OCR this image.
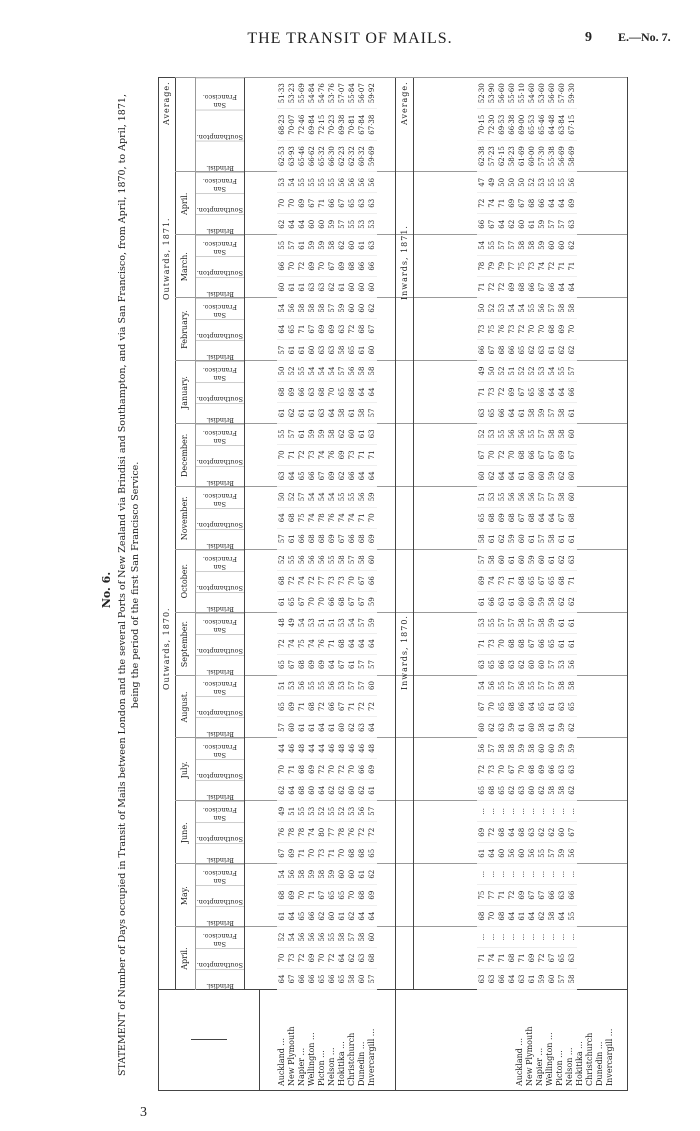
THE TRANSIT OF MAILS.	9 E.—No. 7.
3
No. 6. STATEMENT of Number of Days occupied in Transit of Mails between London and the several Ports of New Zealand via Brindisi and Southampton, and via San Francisco, from April, 1870, to April, 1871, being the period of the first San Francisco Service.
Auckland ... New Plymouth Napier ... Wellington ... Picton ... Nelson ... Hokitika ... Christchurch Dunedin ... Invercargill ...	Auckland ... New Plymouth Napier ... Wellington ... Picton ... Nelson ... Hokitika ... Christchurch Dunedin ... Invercargill ...
Outwards, 1870.
Outwards, 1871.
Average.
April.
Brindisi.
Southampton.
San Francisco.
64 67 66 66 65 66 65 58 60 57
70 73 72 69 70 72 64 62 63 68
52 54 56 56 56 55 58 57 58 60
63 63 66 64 63 61 59 60 57 58
71 74 71 68 71 69 72 67 65 63
... ... ... ... ... ... ... ... ... ...
May.
Brindisi.
Southampton.
San Francisco.
61 64 65 66 62 60 61 62 64 64
68 69 70 71 67 65 65 70 68 69
54 56 58 59 58 59 60 60 61 62
68 70 68 64 61 64 62 58 64 55
75 77 71 72 69 67 67 66 63 66
... ... ... ... ... ... ... ... ... ...
June.
Brindisi.
Southampton.
San Francisco.
67 69 71 70 73 71 70 68 68 65
76 78 78 74 80 77 78 76 72 72
49 51 55 53 52 55 52 53 56 57
61 64 60 56 60 56 55 57 59 56
69 72 68 64 68 63 62 62 60 67
... ... ... ... ... ... ... ... ... ...
July.
Brindisi.
Southampton.
San Francisco.
62 64 68 60 64 62 62 60 62 61
70 71 68 69 72 70 72 70 66 69
44 46 48 44 44 46 48 46 46 48
65 68 65 62 63 60 62 58 58 62
72 73 70 67 70 68 69 66 63 63
56 57 58 58 59 58 60 60 59 59
August.
Brindisi.
Southampton.
San Francisco.
57 60 61 61 64 61 60 62 63 64
65 69 71 68 72 66 67 71 72 72
51 53 56 55 55 56 53 57 57 60
60 62 63 59 61 60 58 61 59 62
67 70 65 68 66 64 65 61 63 65
54 56 55 57 56 55 57 57 58 58
September.
Brindisi.
Southampton.
San Francisco.
65 67 68 69 69 64 67 61 57 57
72 74 75 74 76 71 68 64 64 64
48 49 54 53 51 51 53 54 57 59
63 65 66 63 62 60 60 57 53 56
71 73 70 68 68 67 66 65 61 61
53 55 57 57 58 57 58 59 61 61
October.
Brindisi.
Southampton.
San Francisco.
61 65 67 70 70 66 68 67 67 59
68 72 74 72 77 73 73 70 67 66
52 55 56 56 56 55 58 57 58 60
61 66 63 61 60 60 59 58 62 62
69 74 73 71 68 65 67 65 68 71
57 58 60 61 60 59 60 61 62 63
November.
Brindisi.
Southampton.
San Francisco.
57 61 66 68 68 69 67 66 68 69
64 68 75 74 78 76 74 74 71 70
50 52 57 54 54 54 55 55 56 59
58 61 62 59 60 61 57 58 61 61
65 68 69 68 67 68 64 64 67 68
51 53 55 56 56 56 57 57 58 60
December.
Brindisi.
Southampton.
San Francisco.
63 64 65 66 67 69 62 66 64 64
70 71 72 73 74 76 69 73 71 71
55 57 61 59 59 58 62 60 61 63
60 62 64 64 61 60 60 59 62 60
67 70 72 70 68 66 67 67 69 67
52 53 55 56 56 55 57 58 58 60
January.
Brindisi.
Southampton.
San Francisco.
61 62 61 61 63 64 58 61 58 57
68 69 66 63 68 70 65 68 64 64
50 52 55 54 54 54 57 56 58 58
63 65 66 64 61 58 59 57 58 61
71 73 72 69 67 65 66 64 64 66
49 50 52 51 52 52 53 54 55 57
February.
Brindisi.
Southampton.
San Francisco.
57 61 61 60 63 63 58 65 61 60
64 65 71 67 69 69 63 72 68 67
54 56 58 58 58 57 59 60 60 62
66 67 68 66 65 62 63 61 62 62
73 75 76 73 72 70 70 68 69 70
50 52 53 54 54 55 56 57 58 58
March.
Brindisi.
Southampton.
San Francisco.
60 61 61 63 63 62 61 60 60 60
66 70 72 69 70 67 69 68 66 66
55 57 61 59 59 58 62 60 61 63
71 72 72 69 68 66 67 66 64 64
78 79 79 77 75 73 74 72 71 71
54 55 57 57 58 58 59 60 60 62
April.
Brindisi.
Southampton.
San Francisco.
62 64 64 60 60 59 57 55 53 53
70 70 69 67 71 66 67 65 63 63
53 54 55 55 55 55 56 56 56 56
66 67 64 62 60 61 59 57 57 63
72 74 71 69 67 68 66 64 64 69
47 49 50 50 50 52 53 55 55 56
Brindisi.
Southampton.
San Francisco.
62·53 63·93 65·46 66·62 65·32 66·30 62·23 62·32 60·32 59·69
68·23 70·07 72·46 69·84 72·15 70·23 69·38 70·81 67·84 67·38
51·33 53·23 55·69 54·84 54·76 53·76 57·07 55·84 56·07 59·92
62·38 57·23 62·15 58·23 61·69 60·00 57·30 55·38 56·69 58·69
70·15 72·30 69·53 66·38 69·00 65·53 65·46 64·48 63·84 67·15
52·30 53·90 56·60 55·60 55·10 54·60 53·60 56·60 57·60 59·30
Inwards, 1870.
Inwards, 1871.
Average.
